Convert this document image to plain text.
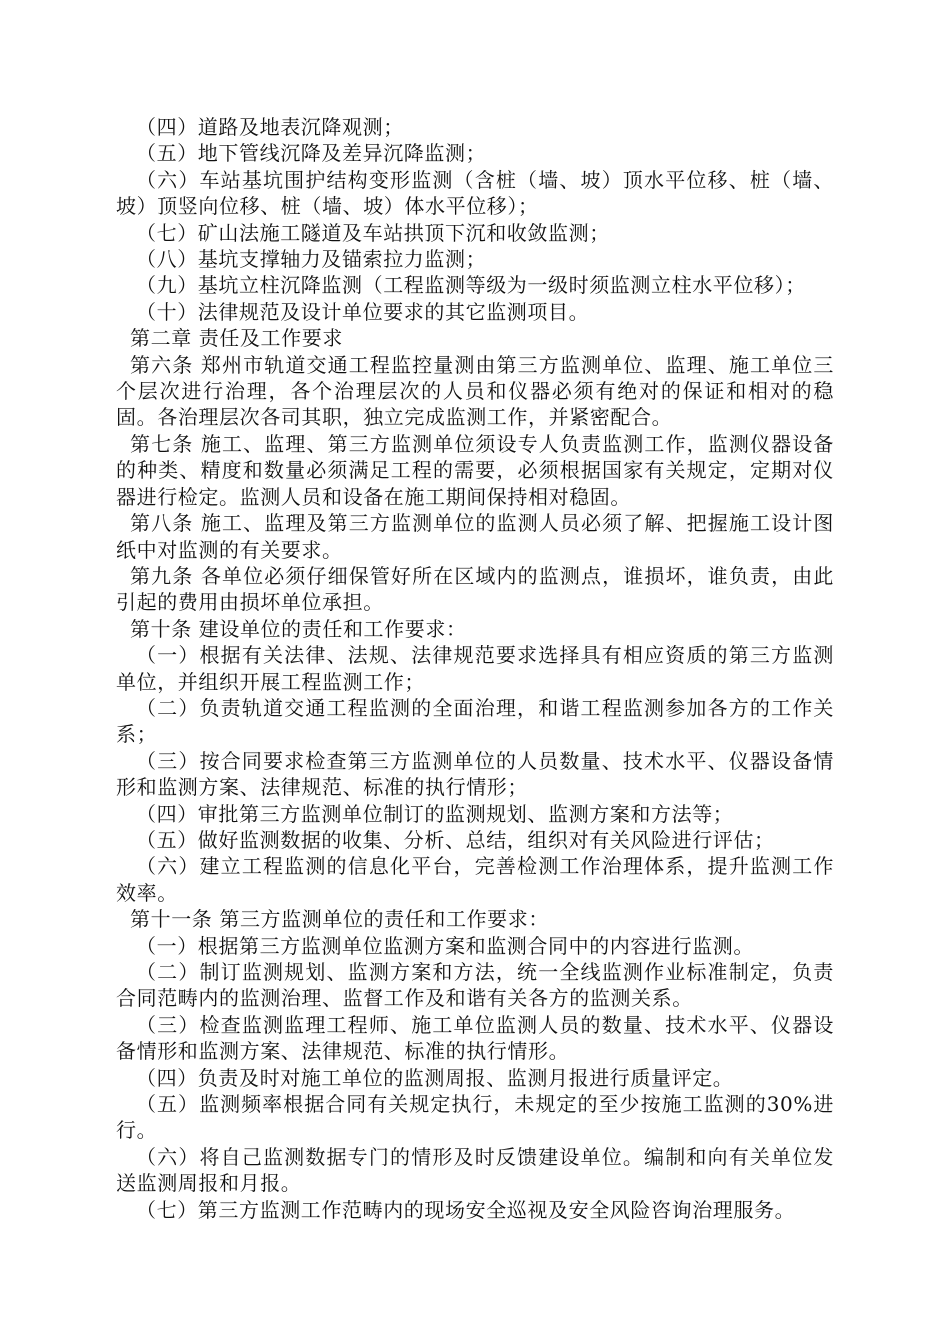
（四）道路及地表沉降观测；

（五）地下管线沉降及差异沉降监测；

（六）车站基坑围护结构变形监测（含桩（墙、坡）顶水平位移、桩（墙、坡）顶竖向位移、桩（墙、坡）体水平位移）；

（七）矿山法施工隧道及车站拱顶下沉和收敛监测；

（八）基坑支撑轴力及锚索拉力监测；

（九）基坑立柱沉降监测（工程监测等级为一级时须监测立柱水平位移）；

（十）法律规范及设计单位要求的其它监测项目。

第二章 责任及工作要求

第六条 郑州市轨道交通工程监控量测由第三方监测单位、监理、施工单位三个层次进行治理，各个治理层次的人员和仪器必须有绝对的保证和相对的稳固。各治理层次各司其职，独立完成监测工作，并紧密配合。

第七条 施工、监理、第三方监测单位须设专人负责监测工作，监测仪器设备的种类、精度和数量必须满足工程的需要，必须根据国家有关规定，定期对仪器进行检定。监测人员和设备在施工期间保持相对稳固。

第八条 施工、监理及第三方监测单位的监测人员必须了解、把握施工设计图纸中对监测的有关要求。

第九条 各单位必须仔细保管好所在区域内的监测点，谁损坏，谁负责，由此引起的费用由损坏单位承担。

第十条 建设单位的责任和工作要求：

（一）根据有关法律、法规、法律规范要求选择具有相应资质的第三方监测单位，并组织开展工程监测工作；

（二）负责轨道交通工程监测的全面治理，和谐工程监测参加各方的工作关系；

（三）按合同要求检查第三方监测单位的人员数量、技术水平、仪器设备情形和监测方案、法律规范、标准的执行情形；

（四）审批第三方监测单位制订的监测规划、监测方案和方法等；

（五）做好监测数据的收集、分析、总结，组织对有关风险进行评估；

（六）建立工程监测的信息化平台，完善检测工作治理体系，提升监测工作效率。

第十一条 第三方监测单位的责任和工作要求：

（一）根据第三方监测单位监测方案和监测合同中的内容进行监测。

（二）制订监测规划、监测方案和方法，统一全线监测作业标准制定，负责合同范畴内的监测治理、监督工作及和谐有关各方的监测关系。

（三）检查监测监理工程师、施工单位监测人员的数量、技术水平、仪器设备情形和监测方案、法律规范、标准的执行情形。

（四）负责及时对施工单位的监测周报、监测月报进行质量评定。

（五）监测频率根据合同有关规定执行，未规定的至少按施工监测的30%进行。

（六）将自己监测数据专门的情形及时反馈建设单位。编制和向有关单位发送监测周报和月报。

（七）第三方监测工作范畴内的现场安全巡视及安全风险咨询治理服务。
